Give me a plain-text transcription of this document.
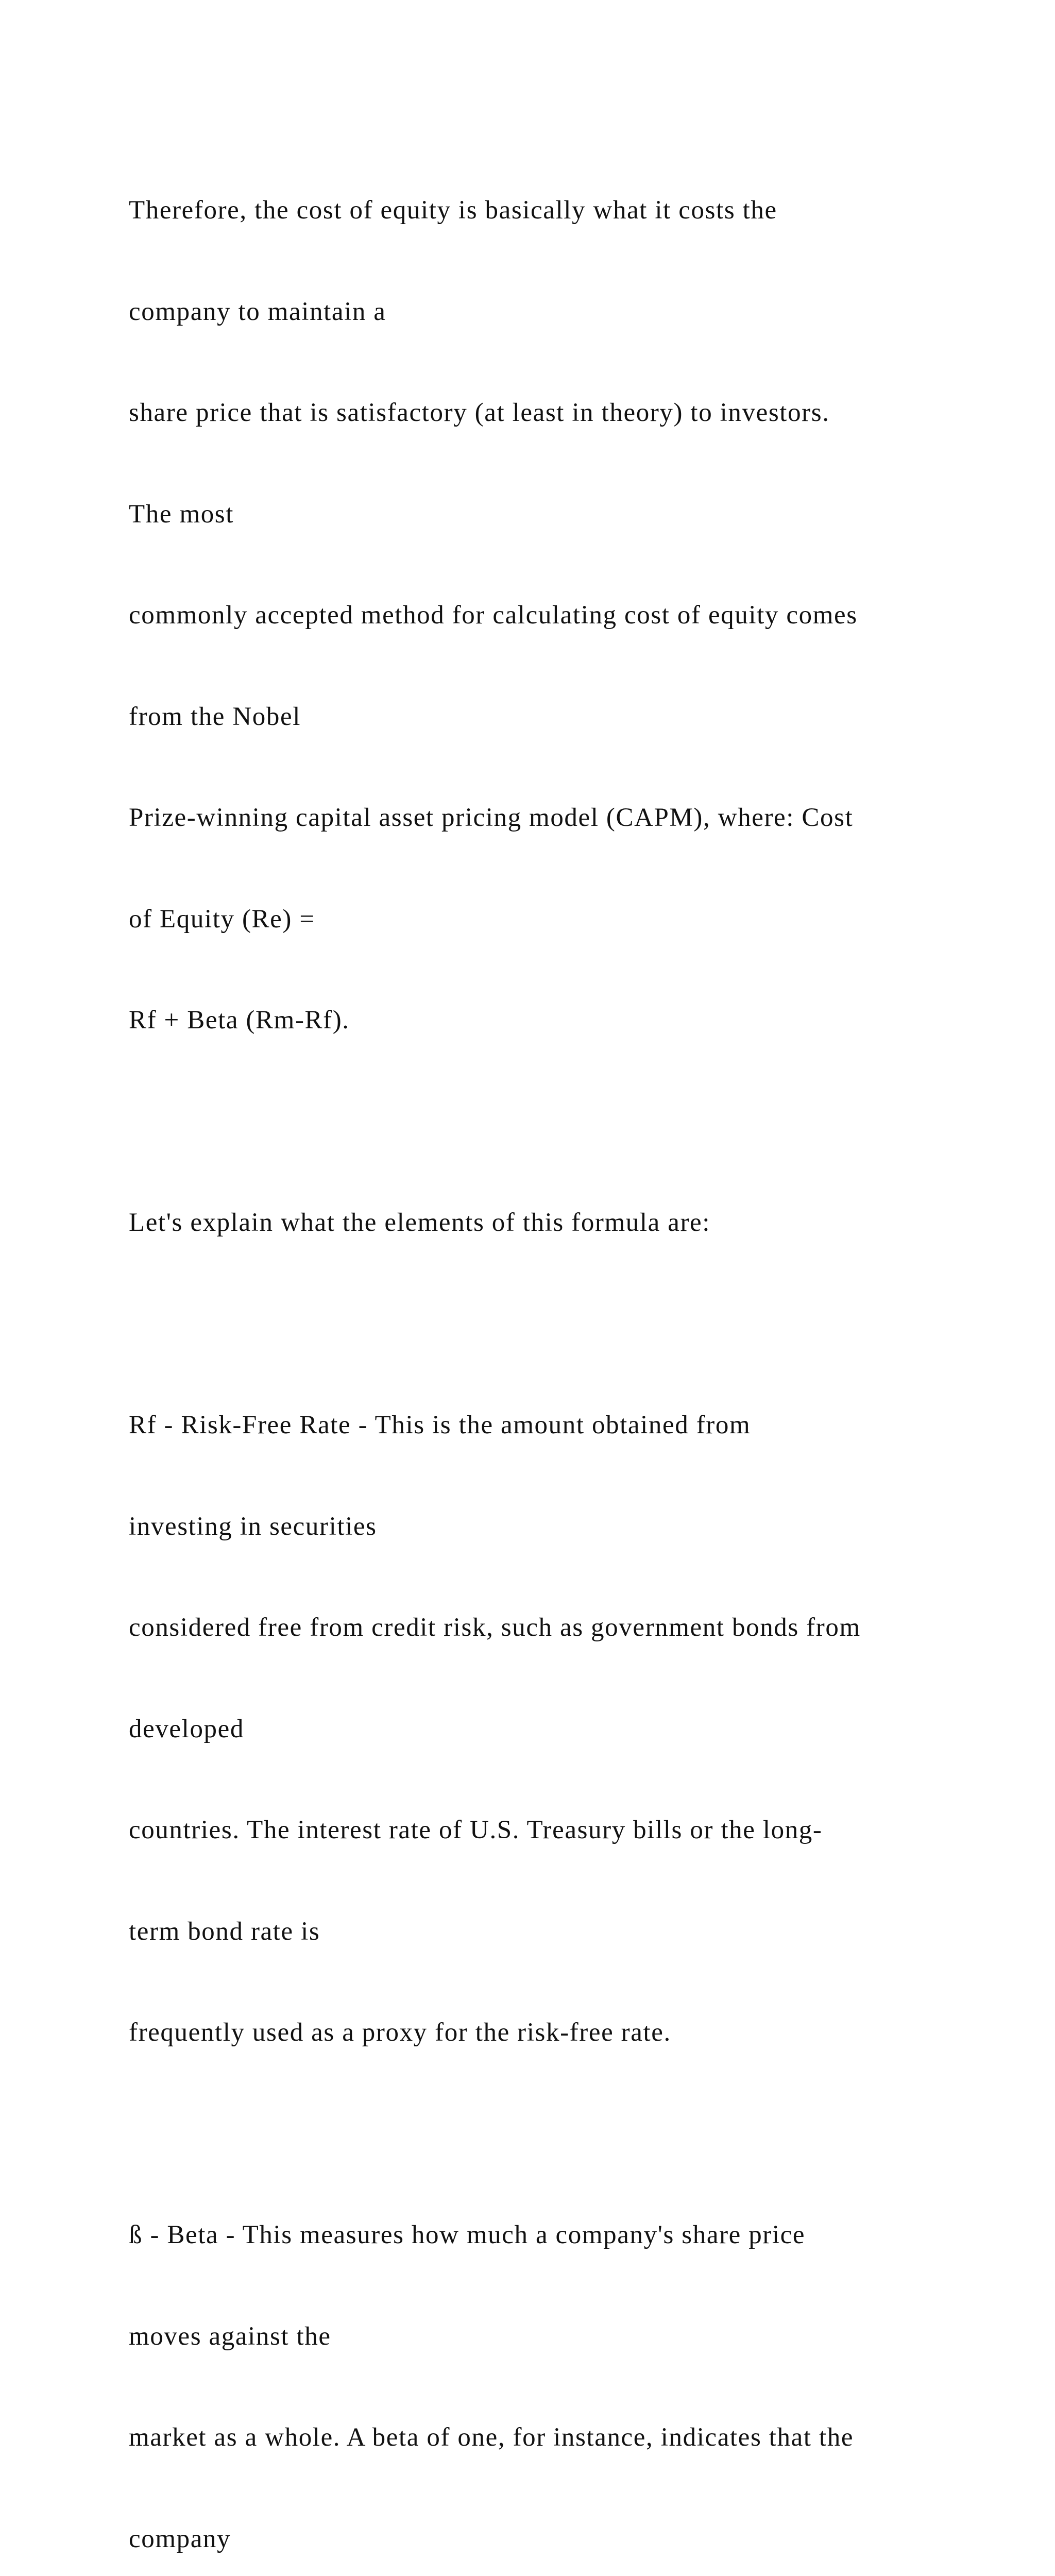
Therefore, the cost of equity is basically what it costs the

company to maintain a

share price that is satisfactory (at least in theory) to investors.

The most

commonly accepted method for calculating cost of equity comes

from the Nobel

Prize-winning capital asset pricing model (CAPM), where: Cost

of Equity (Re) =

Rf + Beta (Rm-Rf).

Let's explain what the elements of this formula are:

Rf - Risk-Free Rate - This is the amount obtained from

investing in securities

considered free from credit risk, such as government bonds from

developed

countries. The interest rate of U.S. Treasury bills or the long-

term bond rate is

frequently used as a proxy for the risk-free rate.

ß - Beta - This measures how much a company's share price

moves against the

market as a whole. A beta of one, for instance, indicates that the

company
